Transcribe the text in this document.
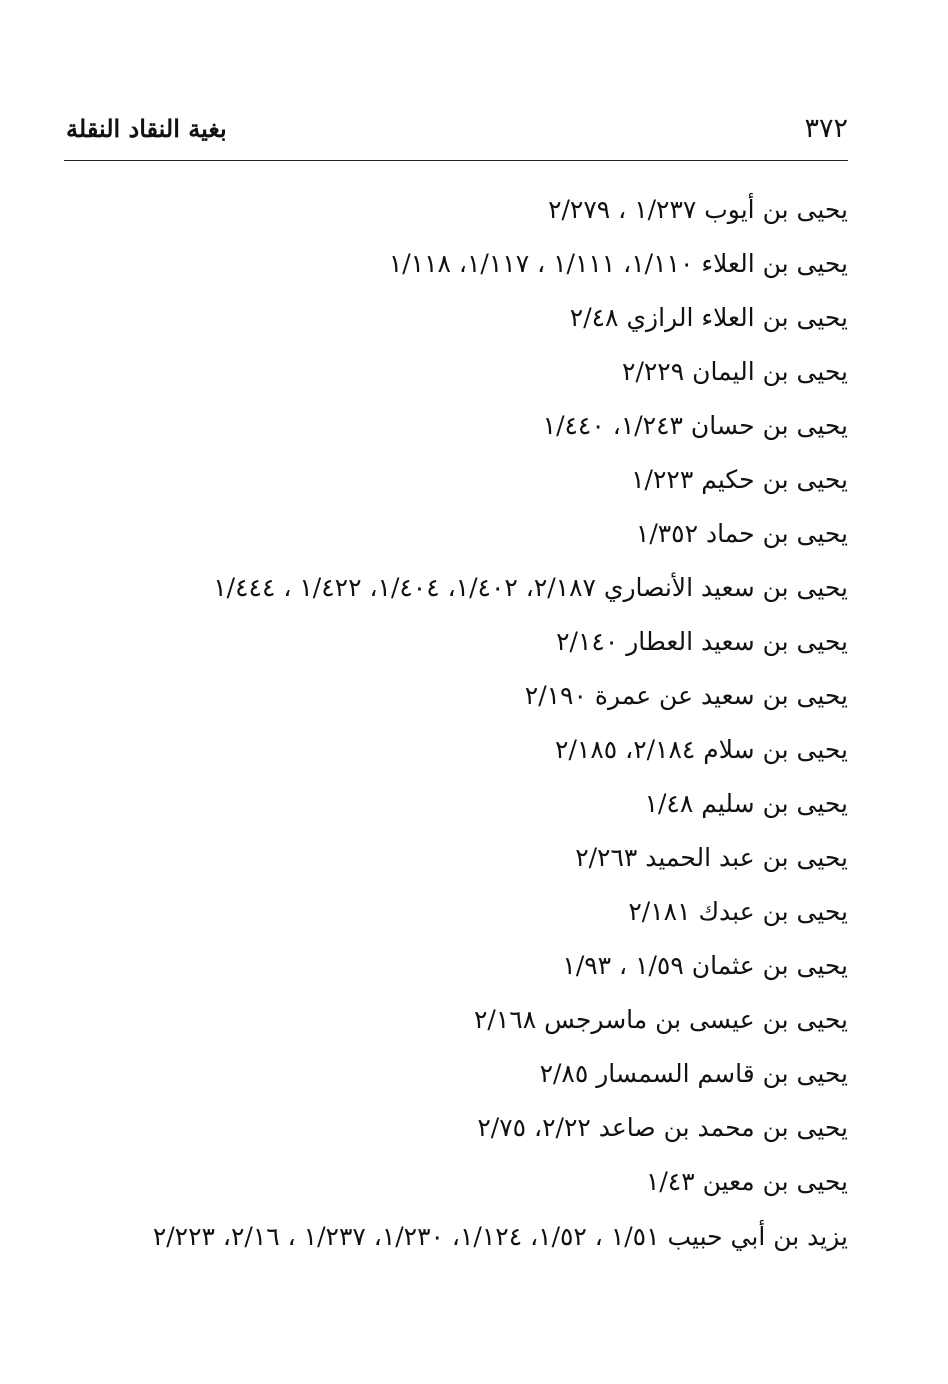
٣٧٢
بغية النقاد النقلة
يحيى بن أيوب ١/٢٣٧ ، ٢/٢٧٩
يحيى بن العلاء ١/١١٠، ١/١١١ ، ١/١١٧، ١/١١٨
يحيى بن العلاء الرازي ٢/٤٨
يحيى بن اليمان ٢/٢٢٩
يحيى بن حسان ١/٢٤٣، ١/٤٤٠
يحيى بن حكيم ١/٢٢٣
يحيى بن حماد ١/٣٥٢
يحيى بن سعيد الأنصاري ٢/١٨٧، ١/٤٠٢، ١/٤٠٤، ١/٤٢٢ ، ١/٤٤٤
يحيى بن سعيد العطار ٢/١٤٠
يحيى بن سعيد عن عمرة ٢/١٩٠
يحيى بن سلام ٢/١٨٤، ٢/١٨٥
يحيى بن سليم ١/٤٨
يحيى بن عبد الحميد ٢/٢٦٣
يحيى بن عبدك ٢/١٨١
يحيى بن عثمان ١/٥٩ ، ١/٩٣
يحيى بن عيسى بن ماسرجس ٢/١٦٨
يحيى بن قاسم السمسار ٢/٨٥
يحيى بن محمد بن صاعد ٢/٢٢، ٢/٧٥
يحيى بن معين ١/٤٣
يزيد بن أبي حبيب ١/٥١ ، ١/٥٢، ١/١٢٤، ١/٢٣٠، ١/٢٣٧ ، ٢/١٦، ٢/٢٢٣
